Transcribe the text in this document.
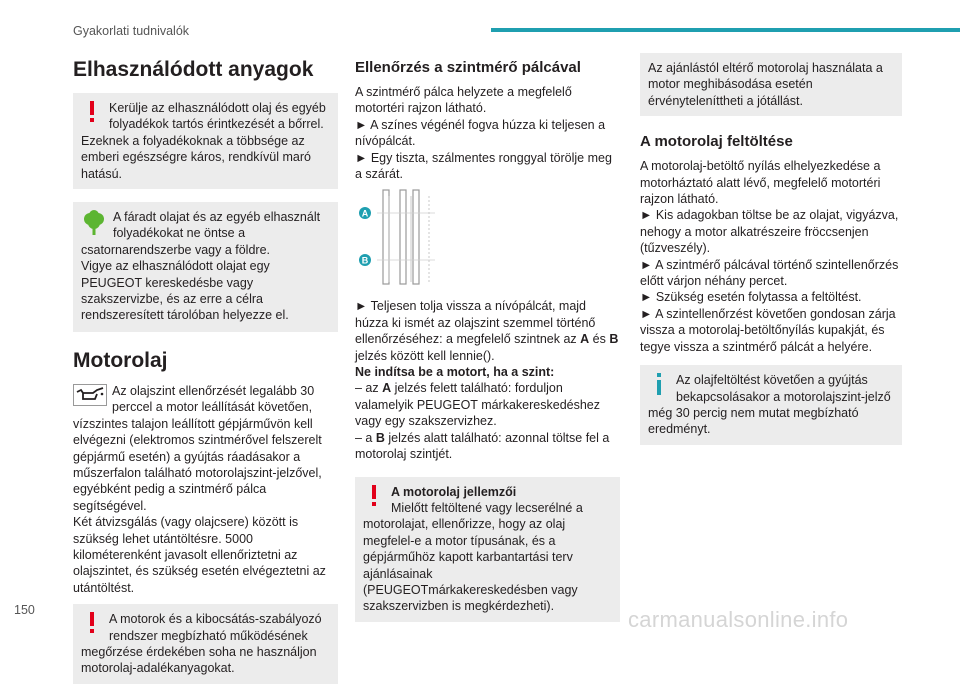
Gyakorlati tudnivalók
Elhasználódott anyagok

Kerülje az elhasználódott olaj és egyéb folyadékok tartós érintkezését a bőrrel. Ezeknek a folyadékoknak a többsége az emberi egészségre káros, rendkívül maró hatású.

A fáradt olajat és az egyéb elhasznált folyadékokat ne öntse a csatornarendszerbe vagy a földre.

Vigye az elhasználódott olajat egy PEUGEOT kereskedésbe vagy szakszervizbe, és az erre a célra rendszeresített tárolóban helyezze el.

Motorolaj

Az olajszint ellenőrzését legalább 30 perccel a motor leállítását követően, vízszintes talajon leállított gépjárművön kell elvégezni (elektromos szintmérővel felszerelt gépjármű esetén) a gyújtás ráadásakor a műszerfalon található motorolajszint-jelzővel, egyébként pedig a szintmérő pálca segítségével.

Két átvizsgálás (vagy olajcsere) között is szükség lehet utántöltésre. 5000 kilométerenként javasolt ellenőriztetni az olajszintet, és szükség esetén elvégeztetni az utántöltést.

A motorok és a kibocsátás-szabályozó rendszer megbízható működésének megőrzése érdekében soha ne használjon motorolaj-adalékanyagokat.

Ellenőrzés a szintmérő pálcával

A szintmérő pálca helyzete a megfelelő motortéri rajzon látható.

► A színes végénél fogva húzza ki teljesen a nívópálcát.

► Egy tiszta, szálmentes ronggyal törölje meg a szárát.

A
B

► Teljesen tolja vissza a nívópálcát, majd húzza ki ismét az olajszint szemmel történő ellenőrzéséhez: a megfelelő szintnek az A és B jelzés között kell lennie().

Ne indítsa be a motort, ha a szint:

– az A jelzés felett található: forduljon valamelyik PEUGEOT márkakereskedéshez vagy egy szakszervizhez.

– a B jelzés alatt található: azonnal töltse fel a motorolaj szintjét.

A motorolaj jellemzői

Mielőtt feltöltené vagy lecserélné a motorolajat, ellenőrizze, hogy az olaj megfelel-e a motor típusának, és a gépjárműhöz kapott karbantartási terv ajánlásainak (PEUGEOTmárkakereskedésben vagy szakszervizben is megkérdezheti).

Az ajánlástól eltérő motorolaj használata a motor meghibásodása esetén érvényteleníttheti a jótállást.

A motorolaj feltöltése

A motorolaj-betöltő nyílás elhelyezkedése a motorháztató alatt lévő, megfelelő motortéri rajzon látható.

► Kis adagokban töltse be az olajat, vigyázva, nehogy a motor alkatrészeire fröccsenjen (tűzveszély).

► A szintmérő pálcával történő szintellenőrzés előtt várjon néhány percet.

► Szükség esetén folytassa a feltöltést.

► A szintellenőrzést követően gondosan zárja vissza a motorolaj-betöltőnyílás kupakját, és tegye vissza a szintmérő pálcát a helyére.

Az olajfeltöltést követően a gyújtás bekapcsolásakor a motorolajszint-jelző még 30 percig nem mutat megbízható eredményt.

150	carmanualsonline.info
